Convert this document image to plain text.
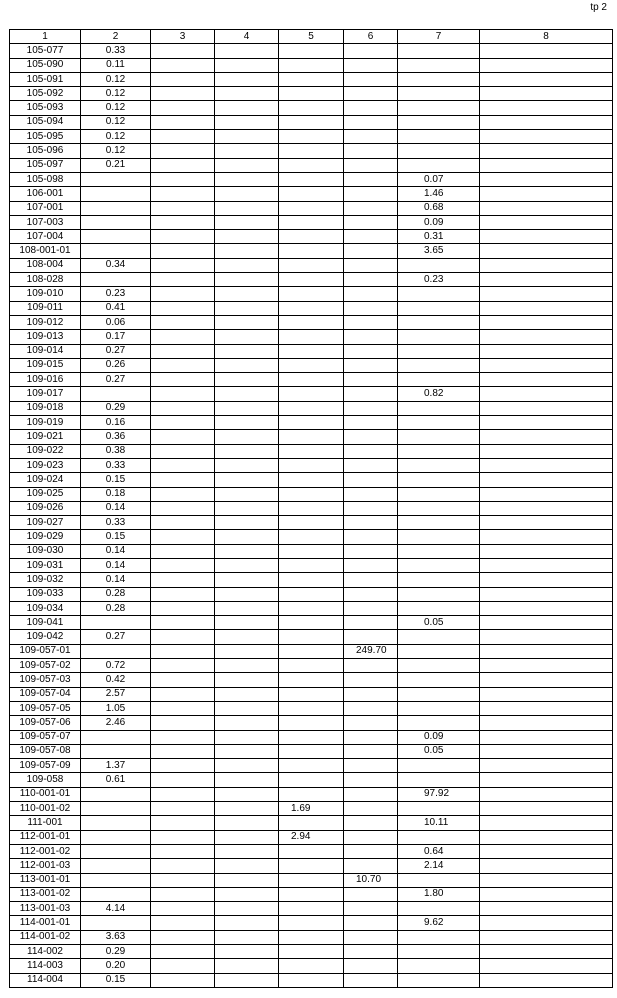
tp 2
1	2	3	4	5	6	7	8
105-077	0.33						
105-090	0.11						
105-091	0.12						
105-092	0.12						
105-093	0.12						
105-094	0.12						
105-095	0.12						
105-096	0.12						
105-097	0.21						
105-098						0.07	
106-001						1.46	
107-001						0.68	
107-003						0.09	
107-004						0.31	
108-001-01						3.65	
108-004	0.34						
108-028						0.23	
109-010	0.23						
109-011	0.41						
109-012	0.06						
109-013	0.17						
109-014	0.27						
109-015	0.26						
109-016	0.27						
109-017						0.82	
109-018	0.29						
109-019	0.16						
109-021	0.36						
109-022	0.38						
109-023	0.33						
109-024	0.15						
109-025	0.18						
109-026	0.14						
109-027	0.33						
109-029	0.15						
109-030	0.14						
109-031	0.14						
109-032	0.14						
109-033	0.28						
109-034	0.28						
109-041						0.05	
109-042	0.27						
109-057-01					249.70		
109-057-02	0.72						
109-057-03	0.42						
109-057-04	2.57						
109-057-05	1.05						
109-057-06	2.46						
109-057-07						0.09	
109-057-08						0.05	
109-057-09	1.37						
109-058	0.61						
110-001-01						97.92	
110-001-02				1.69			
111-001						10.11	
112-001-01				2.94			
112-001-02						0.64	
112-001-03						2.14	
113-001-01					10.70		
113-001-02						1.80	
113-001-03	4.14						
114-001-01						9.62	
114-001-02	3.63						
114-002	0.29						
114-003	0.20						
114-004	0.15						
